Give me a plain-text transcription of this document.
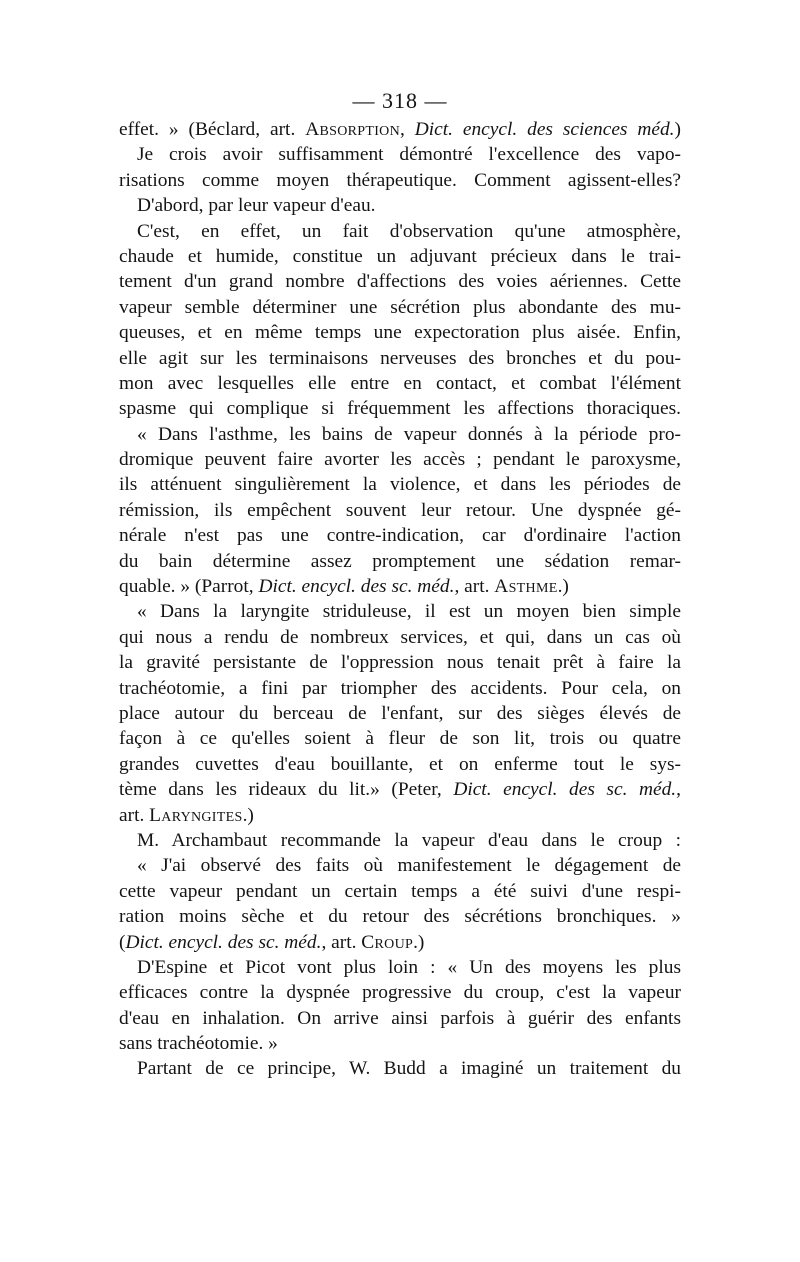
— 318 —

effet. » (Béclard, art. Absorption, Dict. encycl. des sciences méd.)
Je crois avoir suffisamment démontré l'excellence des vapo-
risations comme moyen thérapeutique. Comment agissent-elles?
D'abord, par leur vapeur d'eau.
C'est, en effet, un fait d'observation qu'une atmosphère,
chaude et humide, constitue un adjuvant précieux dans le trai-
tement d'un grand nombre d'affections des voies aériennes. Cette
vapeur semble déterminer une sécrétion plus abondante des mu-
queuses, et en même temps une expectoration plus aisée. Enfin,
elle agit sur les terminaisons nerveuses des bronches et du pou-
mon avec lesquelles elle entre en contact, et combat l'élément
spasme qui complique si fréquemment les affections thoraciques.
« Dans l'asthme, les bains de vapeur donnés à la période pro-
dromique peuvent faire avorter les accès ; pendant le paroxysme,
ils atténuent singulièrement la violence, et dans les périodes de
rémission, ils empêchent souvent leur retour. Une dyspnée gé-
nérale n'est pas une contre-indication, car d'ordinaire l'action
du bain détermine assez promptement une sédation remar-
quable. » (Parrot, Dict. encycl. des sc. méd., art. Asthme.)
« Dans la laryngite striduleuse, il est un moyen bien simple
qui nous a rendu de nombreux services, et qui, dans un cas où
la gravité persistante de l'oppression nous tenait prêt à faire la
trachéotomie, a fini par triompher des accidents. Pour cela, on
place autour du berceau de l'enfant, sur des sièges élevés de
façon à ce qu'elles soient à fleur de son lit, trois ou quatre
grandes cuvettes d'eau bouillante, et on enferme tout le sys-
tème dans les rideaux du lit.» (Peter, Dict. encycl. des sc. méd.,
art. Laryngites.)
M. Archambaut recommande la vapeur d'eau dans le croup :
« J'ai observé des faits où manifestement le dégagement de
cette vapeur pendant un certain temps a été suivi d'une respi-
ration moins sèche et du retour des sécrétions bronchiques. »
(Dict. encycl. des sc. méd., art. Croup.)
D'Espine et Picot vont plus loin : « Un des moyens les plus
efficaces contre la dyspnée progressive du croup, c'est la vapeur
d'eau en inhalation. On arrive ainsi parfois à guérir des enfants
sans trachéotomie. »
Partant de ce principe, W. Budd a imaginé un traitement du
